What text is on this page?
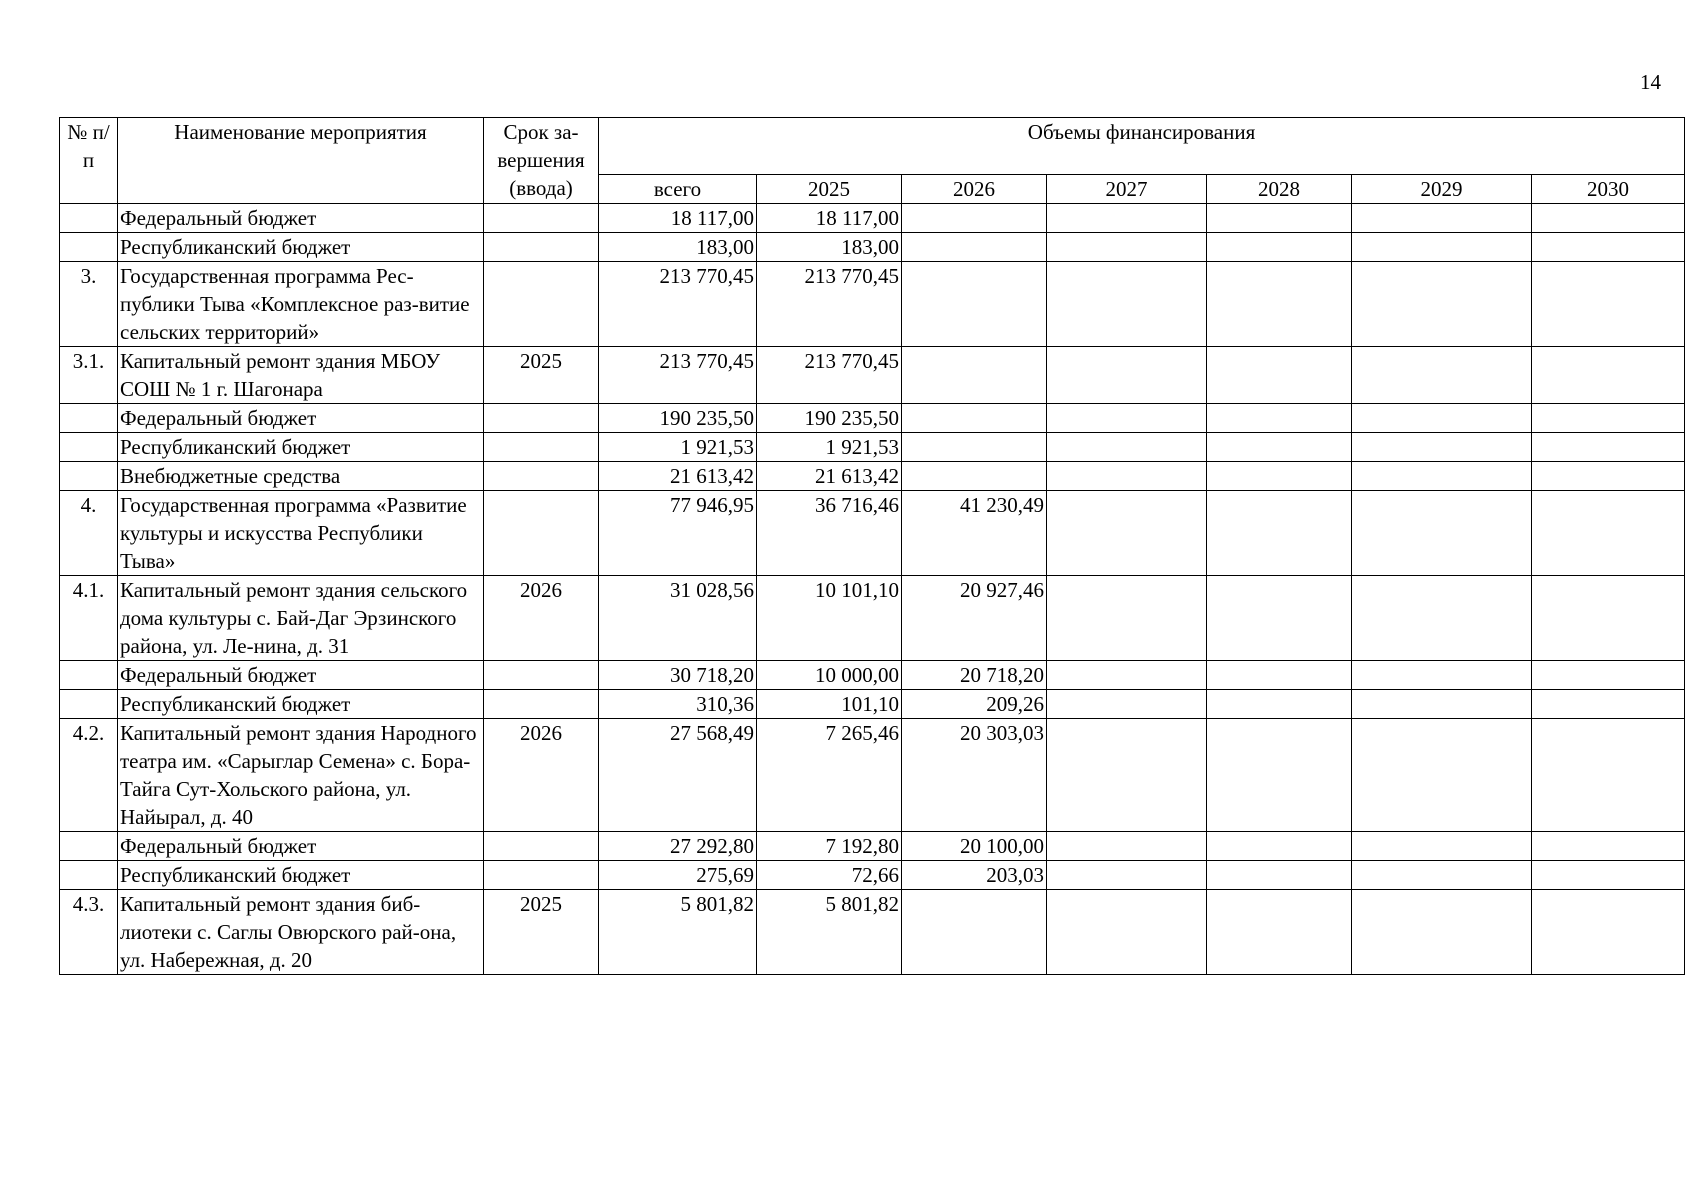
14
№ п/п	Наименование мероприятия	Срок за-вершения (ввода)	Объемы финансирования						
			всего	2025	2026	2027	2028	2029	2030
	Федеральный бюджет		18 117,00	18 117,00					
	Республиканский бюджет		183,00	183,00					
3.	Государственная программа Рес-публики Тыва «Комплексное раз-витие сельских территорий»		213 770,45	213 770,45					
3.1.	Капитальный ремонт здания МБОУ СОШ № 1 г. Шагонара	2025	213 770,45	213 770,45					
	Федеральный бюджет		190 235,50	190 235,50					
	Республиканский бюджет		1 921,53	1 921,53					
	Внебюджетные средства		21 613,42	21 613,42					
4.	Государственная программа «Развитие культуры и искусства Республики Тыва»		77 946,95	36 716,46	41 230,49				
4.1.	Капитальный ремонт здания сельского дома культуры с. Бай-Даг Эрзинского района, ул. Ле-нина, д. 31	2026	31 028,56	10 101,10	20 927,46				
	Федеральный бюджет		30 718,20	10 000,00	20 718,20				
	Республиканский бюджет		310,36	101,10	209,26				
4.2.	Капитальный ремонт здания Народного театра им. «Сарыглар Семена» с. Бора-Тайга Сут-Хольского района, ул. Найырал, д. 40	2026	27 568,49	7 265,46	20 303,03				
	Федеральный бюджет		27 292,80	7 192,80	20 100,00				
	Республиканский бюджет		275,69	72,66	203,03				
4.3.	Капитальный ремонт здания биб-лиотеки с. Саглы Овюрского рай-она, ул. Набережная, д. 20	2025	5 801,82	5 801,82					
